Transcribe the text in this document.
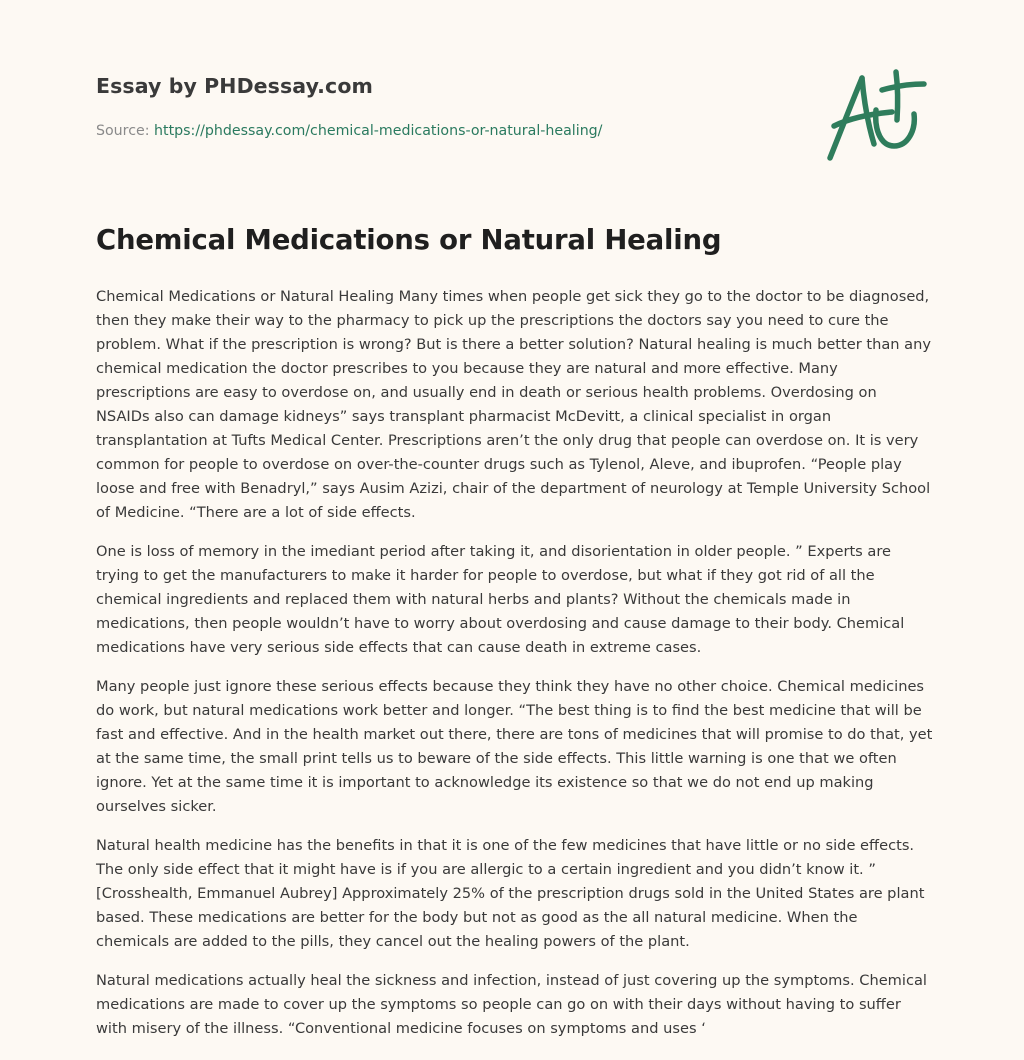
Essay by PHDessay.com
Source: https://phdessay.com/chemical-medications-or-natural-healing/
Chemical Medications or Natural Healing

Chemical Medications or Natural Healing Many times when people get sick they go to the doctor to be diagnosed, then they make their way to the pharmacy to pick up the prescriptions the doctors say you need to cure the problem. What if the prescription is wrong? But is there a better solution? Natural healing is much better than any chemical medication the doctor prescribes to you because they are natural and more effective. Many prescriptions are easy to overdose on, and usually end in death or serious health problems. Overdosing on NSAIDs also can damage kidneys” says transplant pharmacist McDevitt, a clinical specialist in organ transplantation at Tufts Medical Center. Prescriptions aren’t the only drug that people can overdose on. It is very common for people to overdose on over-the-counter drugs such as Tylenol, Aleve, and ibuprofen. “People play loose and free with Benadryl,” says Ausim Azizi, chair of the department of neurology at Temple University School of Medicine. “There are a lot of side effects.

One is loss of memory in the imediant period after taking it, and disorientation in older people. ” Experts are trying to get the manufacturers to make it harder for people to overdose, but what if they got rid of all the chemical ingredients and replaced them with natural herbs and plants? Without the chemicals made in medications, then people wouldn’t have to worry about overdosing and cause damage to their body. Chemical medications have very serious side effects that can cause death in extreme cases.

Many people just ignore these serious effects because they think they have no other choice. Chemical medicines do work, but natural medications work better and longer. “The best thing is to find the best medicine that will be fast and effective. And in the health market out there, there are tons of medicines that will promise to do that, yet at the same time, the small print tells us to beware of the side effects. This little warning is one that we often ignore. Yet at the same time it is important to acknowledge its existence so that we do not end up making ourselves sicker.

Natural health medicine has the benefits in that it is one of the few medicines that have little or no side effects. The only side effect that it might have is if you are allergic to a certain ingredient and you didn’t know it. ” [Crosshealth, Emmanuel Aubrey] Approximately 25% of the prescription drugs sold in the United States are plant based. These medications are better for the body but not as good as the all natural medicine. When the chemicals are added to the pills, they cancel out the healing powers of the plant.

Natural medications actually heal the sickness and infection, instead of just covering up the symptoms. Chemical medications are made to cover up the symptoms so people can go on with their days without having to suffer with misery of the illness. “Conventional medicine focuses on symptoms and uses ‘
